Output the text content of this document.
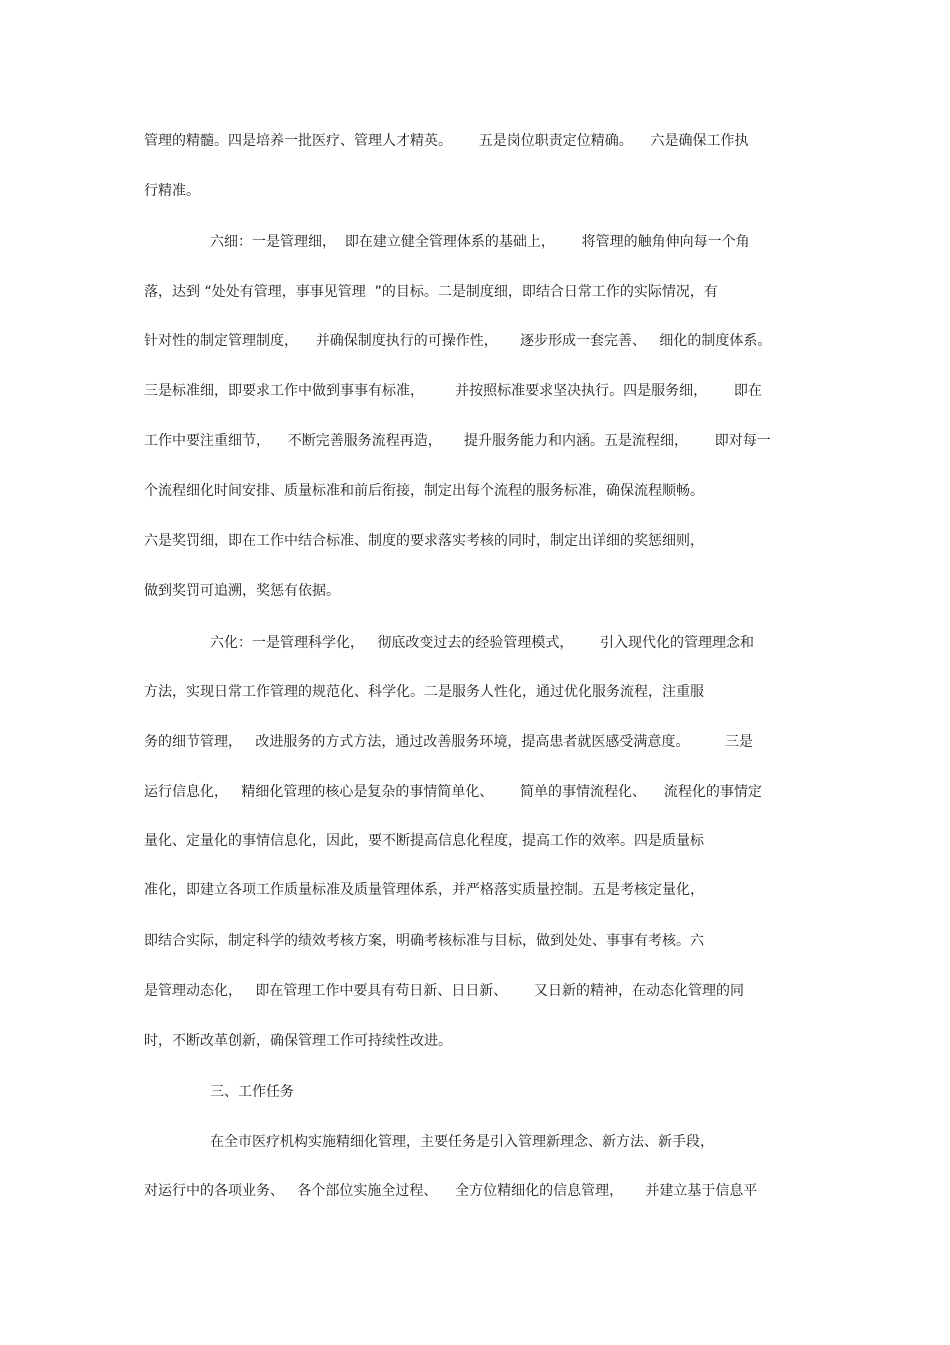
管理的精髓。四是培养一批医疗、管理人才精英。      五是岗位职责定位精确。    六是确保工作执
行精准。
六细：一是管理细，  即在建立健全管理体系的基础上，      将管理的触角伸向每一个角
落，达到 “处处有管理，事事见管理  ”的目标。二是制度细，即结合日常工作的实际情况，有
针对性的制定管理制度，    并确保制度执行的可操作性，     逐步形成一套完善、   细化的制度体系。
三是标准细，即要求工作中做到事事有标准，       并按照标准要求坚决执行。四是服务细，      即在
工作中要注重细节，    不断完善服务流程再造，     提升服务能力和内涵。五是流程细，      即对每一
个流程细化时间安排、质量标准和前后衔接，制定出每个流程的服务标准，确保流程顺畅。
六是奖罚细，即在工作中结合标准、制度的要求落实考核的同时，制定出详细的奖惩细则，
做到奖罚可追溯，奖惩有依据。
六化：一是管理科学化，   彻底改变过去的经验管理模式，      引入现代化的管理理念和
方法，实现日常工作管理的规范化、科学化。二是服务人性化，通过优化服务流程，注重服
务的细节管理，   改进服务的方式方法，通过改善服务环境，提高患者就医感受满意度。        三是
运行信息化，   精细化管理的核心是复杂的事情简单化、      简单的事情流程化、    流程化的事情定
量化、定量化的事情信息化，因此，要不断提高信息化程度，提高工作的效率。四是质量标
准化，即建立各项工作质量标准及质量管理体系，并严格落实质量控制。五是考核定量化，
即结合实际，制定科学的绩效考核方案，明确考核标准与目标，做到处处、事事有考核。六
是管理动态化，   即在管理工作中要具有苟日新、日日新、      又日新的精神，在动态化管理的同
时，不断改革创新，确保管理工作可持续性改进。
三、工作任务
在全市医疗机构实施精细化管理，主要任务是引入管理新理念、新方法、新手段，
对运行中的各项业务、   各个部位实施全过程、    全方位精细化的信息管理，     并建立基于信息平
